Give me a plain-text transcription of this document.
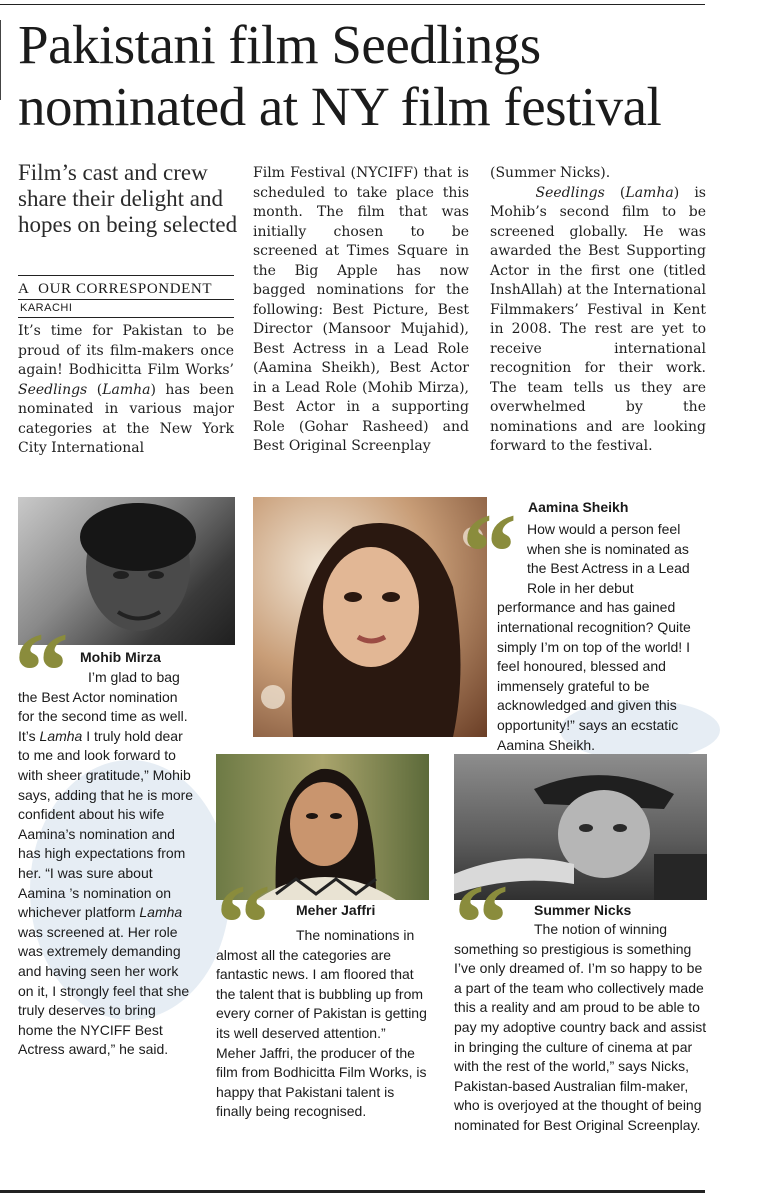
Pakistani film Seedlings
nominated at NY film festival
Film’s cast and crew share their delight and hopes on being selected
A OUR CORRESPONDENT
KARACHI
It’s time for Pakistan to be proud of its film-makers once again! Bodhicitta Film Works’ Seedlings (Lamha) has been nominated in various major categories at the New York City International
Film Festival (NYCIFF) that is scheduled to take place this month. The film that was initially chosen to be screened at Times Square in the Big Apple has now bagged nominations for the following: Best Picture, Best Director (Mansoor Mujahid), Best Actress in a Lead Role (Aamina Sheikh), Best Actor in a Lead Role (Mohib Mirza), Best Actor in a supporting Role (Gohar Rasheed) and Best Original Screenplay
(Summer Nicks).
Seedlings (Lamha) is Mohib’s second film to be screened globally. He was awarded the Best Supporting Actor in the first one (titled InshAllah) at the International Filmmakers’ Festival in Kent in 2008. The rest are yet to receive international recognition for their work. The team tells us they are overwhelmed by the nominations and are looking forward to the festival.
“ Mohib Mirza
I’m glad to bag the Best Actor nomination for the second time as well. It’s Lamha I truly hold dear to me and look forward to with sheer gratitude,” Mohib says, adding that he is more confident about his wife Aamina’s nomination and has high expectations from her. “I was sure about Aamina ’s nomination on whichever platform Lamha was screened at. Her role was extremely demanding and having seen her work on it, I strongly feel that she truly deserves to bring home the NYCIFF Best Actress award,” he said.
“ Aamina Sheikh
How would a person feel when she is nominated as the Best Actress in a Lead Role in her debut performance and has gained international recognition? Quite simply I’m on top of the world! I feel honoured, blessed and immensely grateful to be acknowledged and given this opportunity!” says an ecstatic Aamina Sheikh.
“ Meher Jaffri
The nominations in almost all the categories are fantastic news. I am floored that the talent that is bubbling up from every corner of Pakistan is getting its well deserved attention.” Meher Jaffri, the producer of the film from Bodhicitta Film Works, is happy that Pakistani talent is finally being recognised.
“ Summer Nicks
The notion of winning something so prestigious is something I’ve only dreamed of. I’m so happy to be a part of the team who collectively made this a reality and am proud to be able to pay my adoptive country back and assist in bringing the culture of cinema at par with the rest of the world,” says Nicks, Pakistan-based Australian film-maker, who is overjoyed at the thought of being nominated for Best Original Screenplay.
